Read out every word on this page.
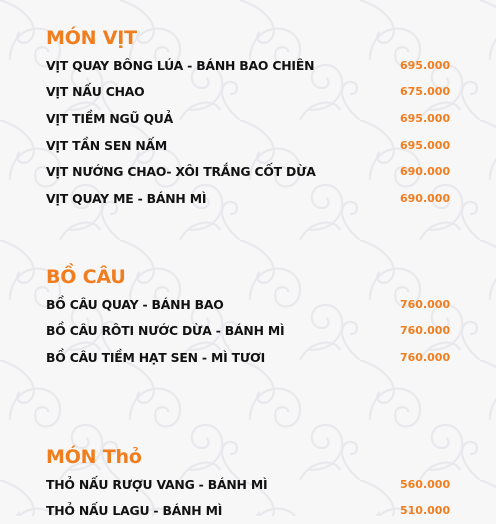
MÓN VỊT
VỊT QUAY BÔNG LÚA - BÁNH BAO CHIÊN	695.000
VỊT NẤU CHAO	675.000
VỊT TIỀM NGŨ QUẢ	695.000
VỊT TẦN SEN NẤM	695.000
VỊT NƯỚNG CHAO- XÔI TRẮNG CỐT DỪA	690.000
VỊT QUAY ME - BÁNH MÌ	690.000
BỒ CÂU
BỒ CÂU QUAY - BÁNH BAO	760.000
BỒ CÂU RÔTI NƯỚC DỪA - BÁNH MÌ	760.000
BỒ CÂU TIỀM HẠT SEN - MÌ TƯƠI	760.000
MÓN Thỏ
THỎ NẤU RƯỢU VANG - BÁNH MÌ	560.000
THỎ NẤU LAGU - BÁNH MÌ	510.000
